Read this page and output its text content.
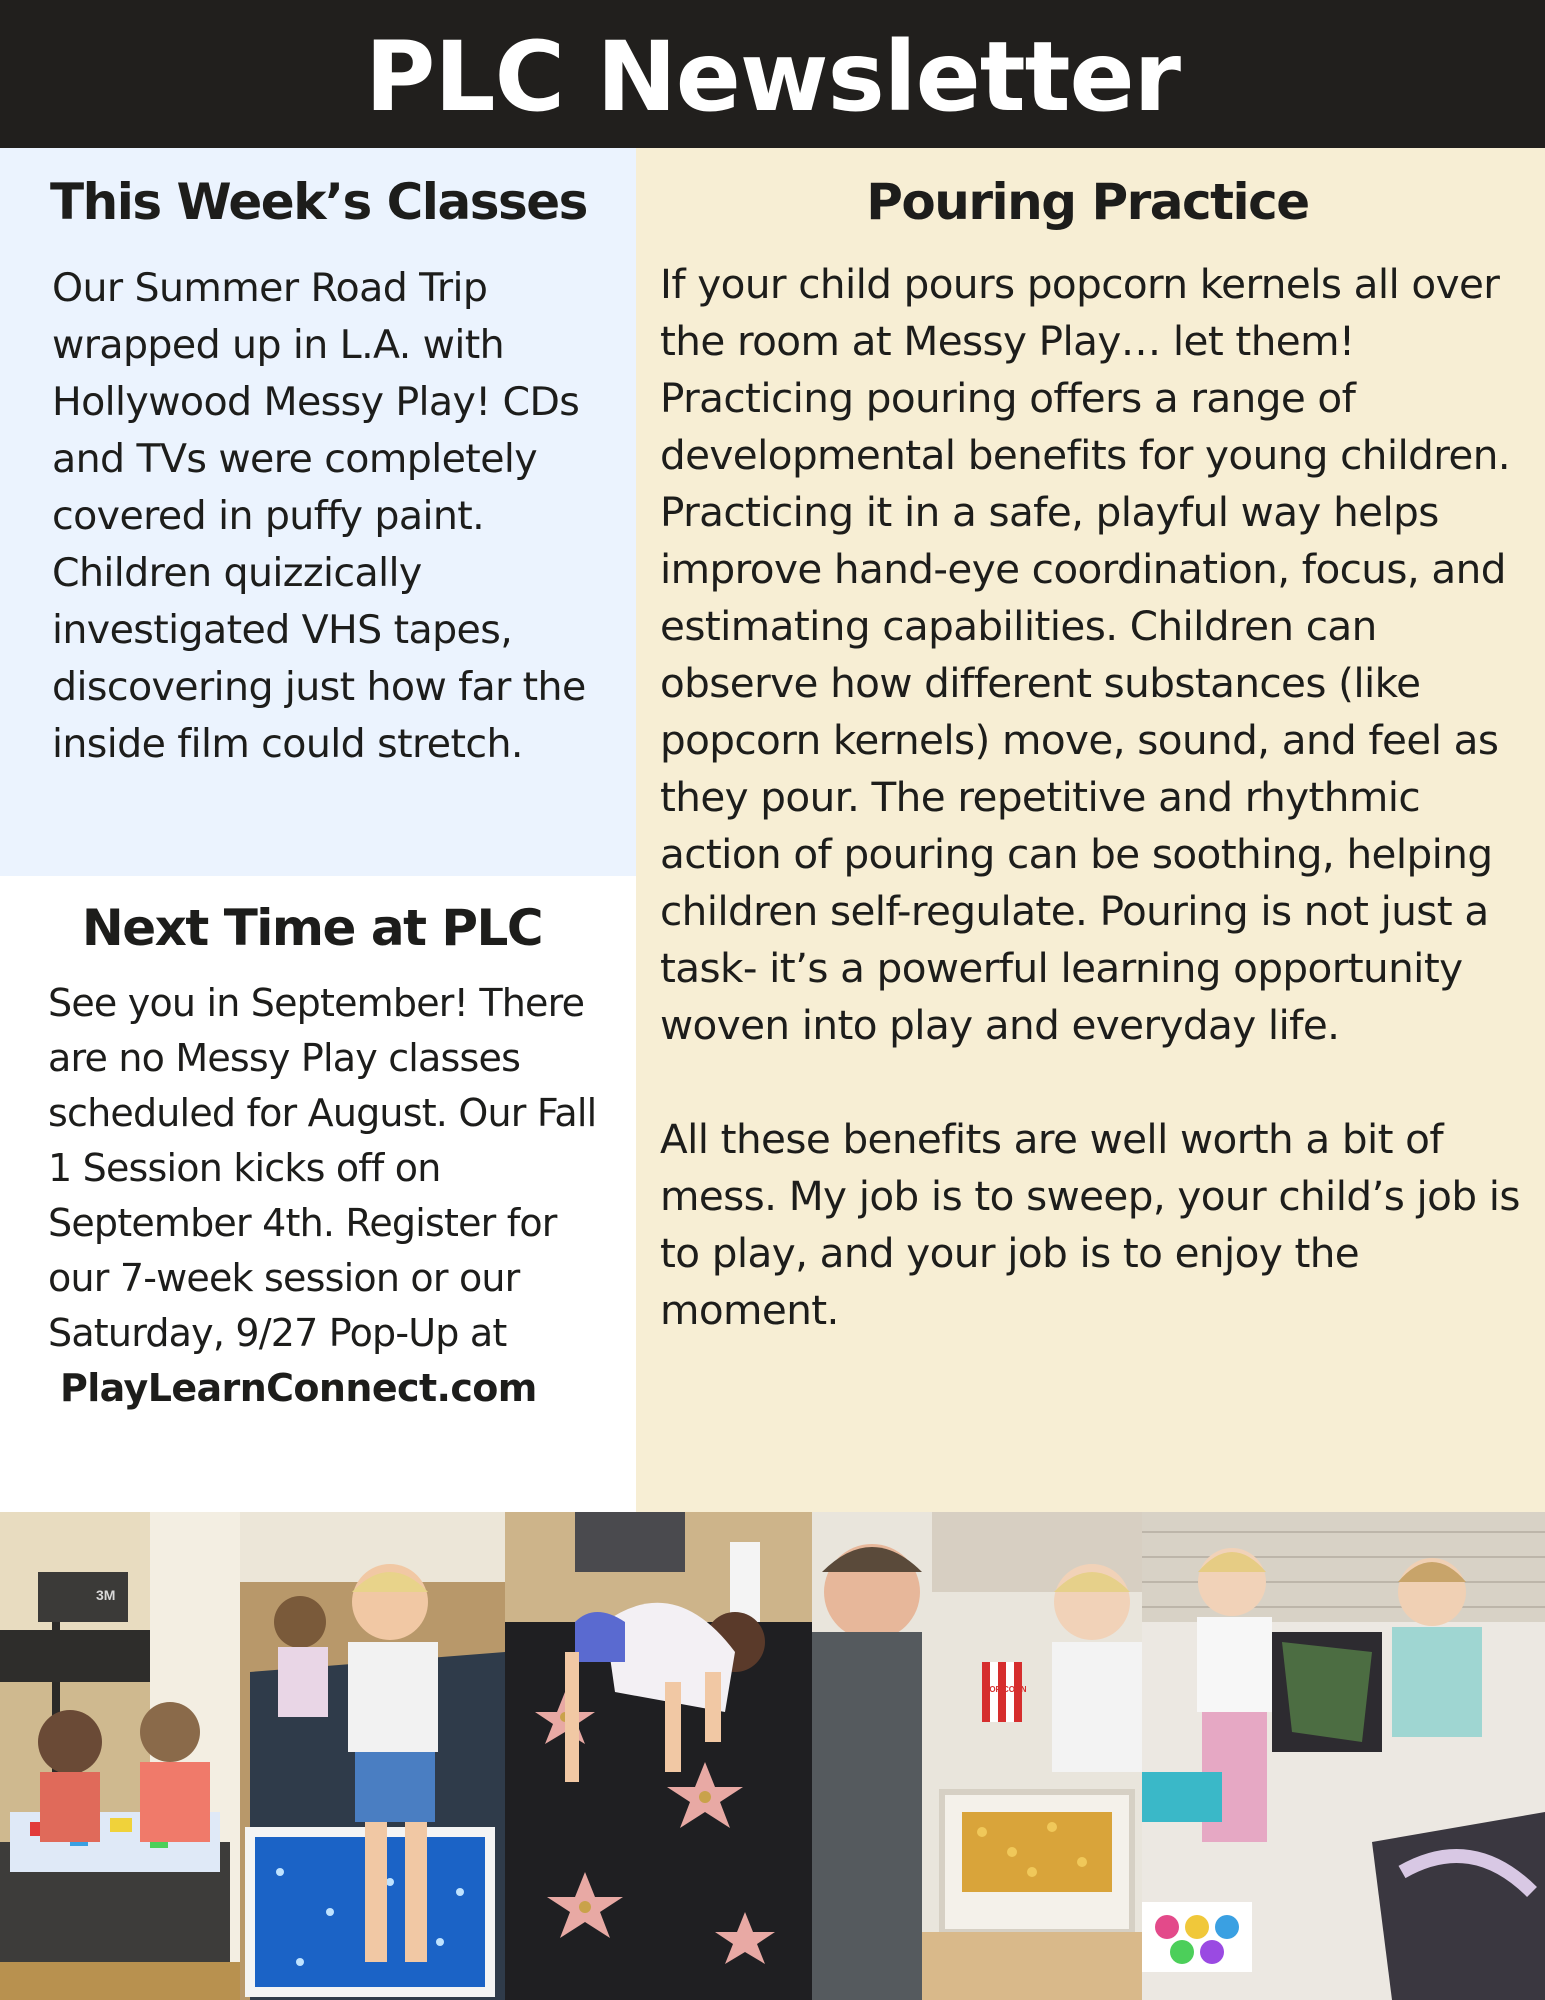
PLC Newsletter
This Week’s Classes

Our Summer Road Trip wrapped up in L.A. with Hollywood Messy Play! CDs and TVs were completely covered in puffy paint. Children quizzically investigated VHS tapes, discovering just how far the inside film could stretch.

Next Time at PLC

See you in September! There are no Messy Play classes scheduled for August. Our Fall 1 Session kicks off on September 4th. Register for our 7-week session or our Saturday, 9/27 Pop-Up at
PlayLearnConnect.com

Pouring Practice

If your child pours popcorn kernels all over the room at Messy Play… let them! Practicing pouring offers a range of developmental benefits for young children. Practicing it in a safe, playful way helps improve hand-eye coordination, focus, and estimating capabilities. Children can observe how different substances (like popcorn kernels) move, sound, and feel as they pour. The repetitive and rhythmic action of pouring can be soothing, helping children self-regulate. Pouring is not just a task- it’s a powerful learning opportunity woven into play and everyday life.

All these benefits are well worth a bit of mess. My job is to sweep, your child’s job is to play, and your job is to enjoy the moment.

3M
POP CORN
